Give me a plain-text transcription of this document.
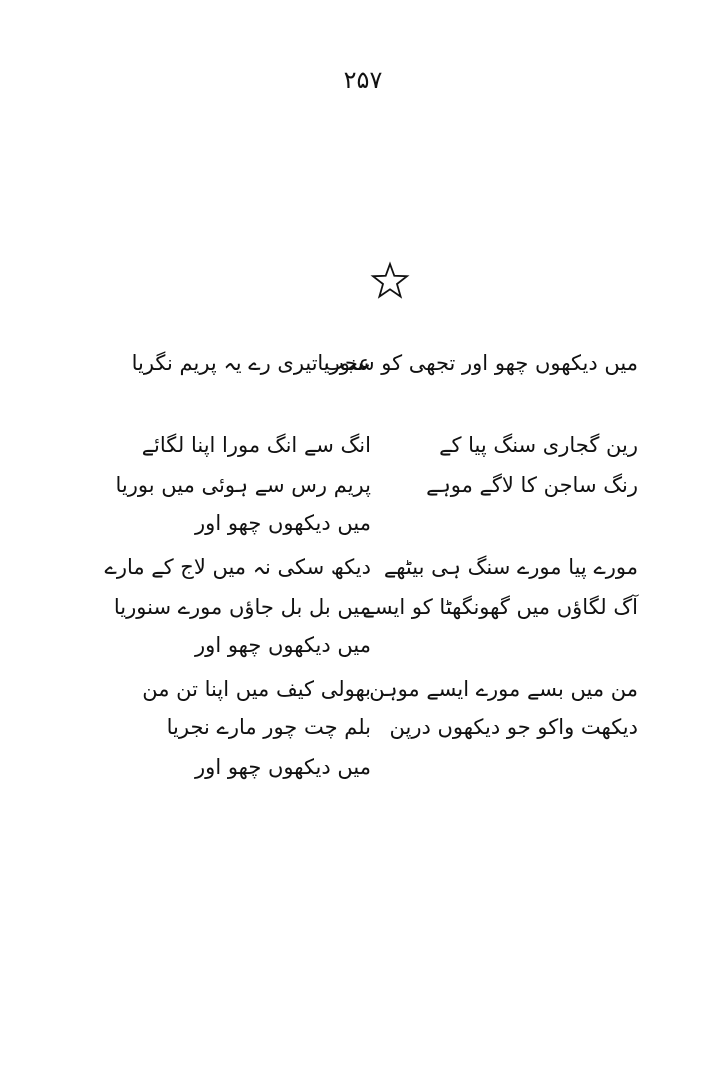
۲۵۷
میں دیکھوں چھو اور تجھی کو سنوریا
عجب تیری رے یہ پریم نگریا
رین گجاری سنگ پیا کے
انگ سے انگ مورا اپنا لگائے
رنگ ساجن کا لاگے موہے
پریم رس سے ہوئی میں بوریا
میں دیکھوں چھو اور
مورے پیا مورے سنگ ہی بیٹھے
دیکھ سکی نہ میں لاج کے مارے
آگ لگاؤں میں گھونگھٹا کو ایسے
میں بل بل جاؤں مورے سنوریا
میں دیکھوں چھو اور
من میں بسے مورے ایسے موہن
بھولی کیف میں اپنا تن من
دیکھت واکو جو دیکھوں درپن
بلم چت چور مارے نجریا
میں دیکھوں چھو اور
